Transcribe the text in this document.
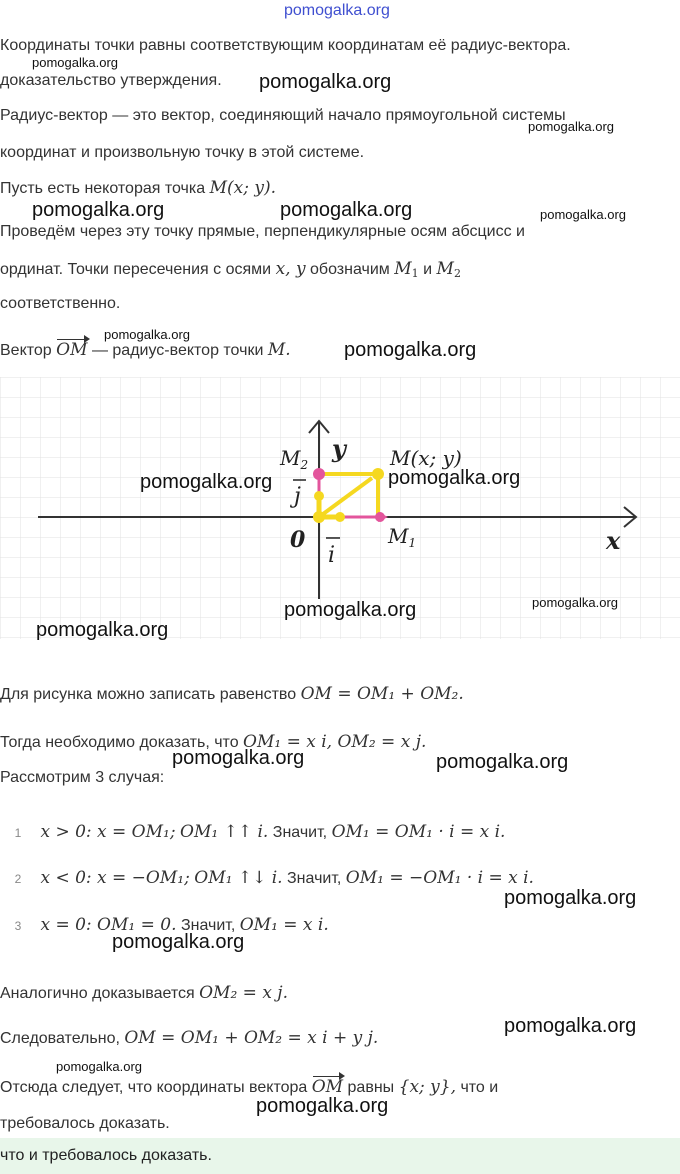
pomogalka.org
Координаты точки равны соответствующим координатам её радиус-вектора.
доказательство утверждения.
Радиус-вектор — это вектор, соединяющий начало прямоугольной системы
координат и произвольную точку в этой системе.
Пусть есть некоторая точка M(x; y).
Проведём через эту точку прямые, перпендикулярные осям абсцисс и
ординат. Точки пересечения с осями x, y обозначим $M_1$ и $M_2$
соответственно.
Вектор OM — радиус-вектор точки M.
y
x
0
$M_2$	M(x; y)
$M_1$
i
j
Для рисунка можно записать равенство OM = OM₁ + OM₂.
Тогда необходимо доказать, что OM₁ = x i, OM₂ = x j.
Рассмотрим 3 случая:
1 x > 0: x = OM₁; OM₁ ↑↑ i. Значит, OM₁ = OM₁ · i = x i.
2 x < 0: x = −OM₁; OM₁ ↑↓ i. Значит, OM₁ = −OM₁ · i = x i.
3 x = 0: OM₁ = 0. Значит, OM₁ = x i.
Аналогично доказывается OM₂ = x j.
Следовательно, OM = OM₁ + OM₂ = x i + y j.
Отсюда следует, что координаты вектора OM равны {x; y}, что и
требовалось доказать.
что и требовалось доказать.
pomogalka.org
pomogalka.org
pomogalka.org
pomogalka.org	pomogalka.org	pomogalka.org
pomogalka.org
pomogalka.org
pomogalka.org	pomogalka.org
pomogalka.org	pomogalka.org
pomogalka.org
pomogalka.org	pomogalka.org
pomogalka.org
pomogalka.org
pomogalka.org
pomogalka.org
pomogalka.org
